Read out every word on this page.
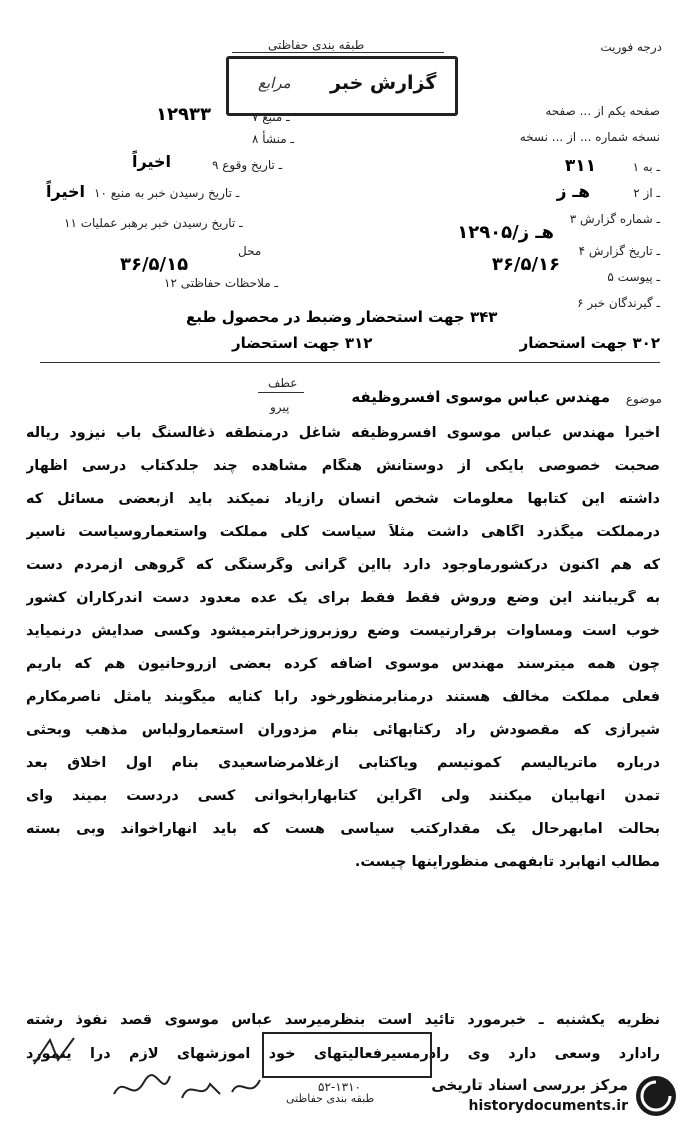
طبقه بندی حفاظتی
گزارش خبر
مرابع
درجه فوریت
صفحه یکم از ... صفحه
نسخه شماره ... از ... نسخه
۷ ـ منبع
۱۲۹۳۳
۸ ـ منشأ
۹ ـ تاریخ وقوع
اخیراً
۱۰ ـ تاریخ رسیدن خبر به منبع
اخیراً
۱۱ ـ تاریخ رسیدن خبر برهبر عملیات
محل
۳۶/۵/۱۵
۱۲ ـ ملاحظات حفاظتی
۱ ـ به
۳۱۱
۲ ـ از
هـ ز
۳ ـ شماره گزارش
۱۲۹۰۵/هـ ز
۴ ـ تاریخ گزارش
۳۶/۵/۱۶
۵ ـ پیوست
۶ ـ گیرندگان خبر
۳۴۳ جهت استحضار وضبط در محصول طبع
۳۱۲ جهت استحضار	۳۰۲ جهت استحضار
عطف
پیرو
موضوع
مهندس عباس موسوی افسروظیفه
اخیراً مهندس عباس موسوی افسروظیفه شاغل درمنطقه ذغالسنگ باب نیزود ریاله
صحبت خصوصی بایکی از دوستانش هنگام مشاهده چند جلدکتاب درسی اظهار
داشته این کتابها معلومات شخص انسان رازیاد نمیکند باید ازبعضی مسائل که
درمملکت میگذرد آگاهی داشت مثلاً سیاست کلی مملکت واستعماروسیاست ناسیر
که هم اکنون درکشورماوجود دارد بااین گرانی وگرسنگی که گروهی ازمردم دست
به گریبانند این وضع وروش فقط فقط برای یک عده معدود دست اندرکاران کشور
خوب است ومساوات برقرارنیست وضع روزبروزخرابترمیشود وکسی صدایش درنمیآید
چون همه میترسند مهندس موسوی اضافه کرده بعضی ازروحانیون هم که باریم
فعلی مملکت مخالف هستند درمنابرمنظورخود رابا کنایه میگویند یامثل ناصرمکارم
شیرازی که مقصودش راد رکتابهائی بنام مزدوران استعمارولباس مذهب وبحثی
درباره ماتریالیسم کمونیسم ویاکتابی ازغلامرضاسعیدی بنام اول اخلاق بعد
تمدن آنهابیان میکنند ولی اگراین کتابهارابخوانی کسی دردست بمیند وای
بحالت امابهرحال یک مقدارکتب سیاسی هست که باید آنهاراخواند وبی بسته
مطالب آنهابرد تابفهمی منظوراینها چیست.
نظریه یکشنبه ـ خبرمورد تائید است بنظرمیرسد عباس موسوی قصد نفوذ رشته
رادارد وسعی دارد وی رادرمسیرفعالیتهای خود آموزشهای لازم درا ینمورد
۵۲-۱۳۱۰
طبقه بندی حفاظتی
مرکز بررسی اسناد تاریخی
historydocuments.ir
